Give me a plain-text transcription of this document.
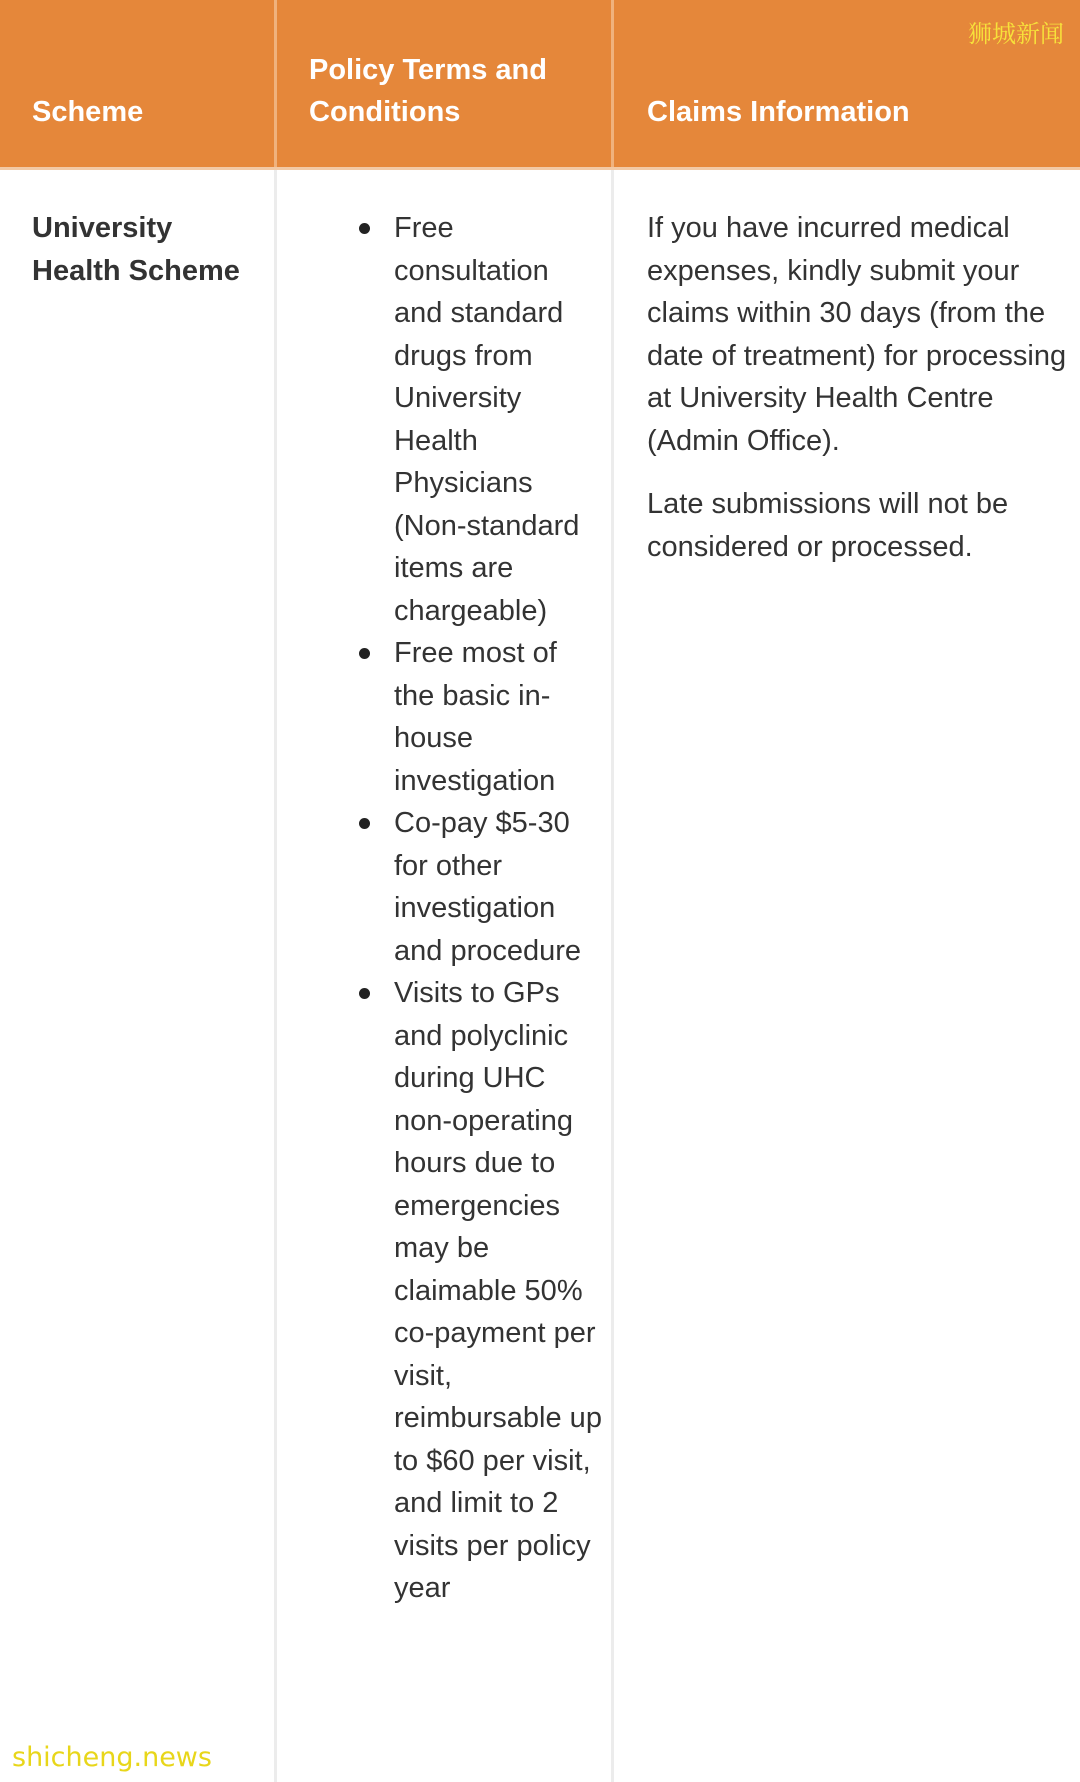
Scheme
Policy Terms and Conditions	Claims Information
University Health Scheme
Free consultation and standard drugs from University Health Physicians (Non-standard items are chargeable)
Free most of the basic in-house investigation
Co-pay $5-30 for other investigation and procedure
Visits to GPs and polyclinic during UHC non-operating hours due to emergencies may be claimable 50% co-payment per visit, reimbursable up to $60 per visit, and limit to 2 visits per policy year

If you have incurred medical expenses, kindly submit your claims within 30 days (from the date of treatment) for processing at University Health Centre (Admin Office).

Late submissions will not be considered or processed.

狮城新闻
shicheng.news
